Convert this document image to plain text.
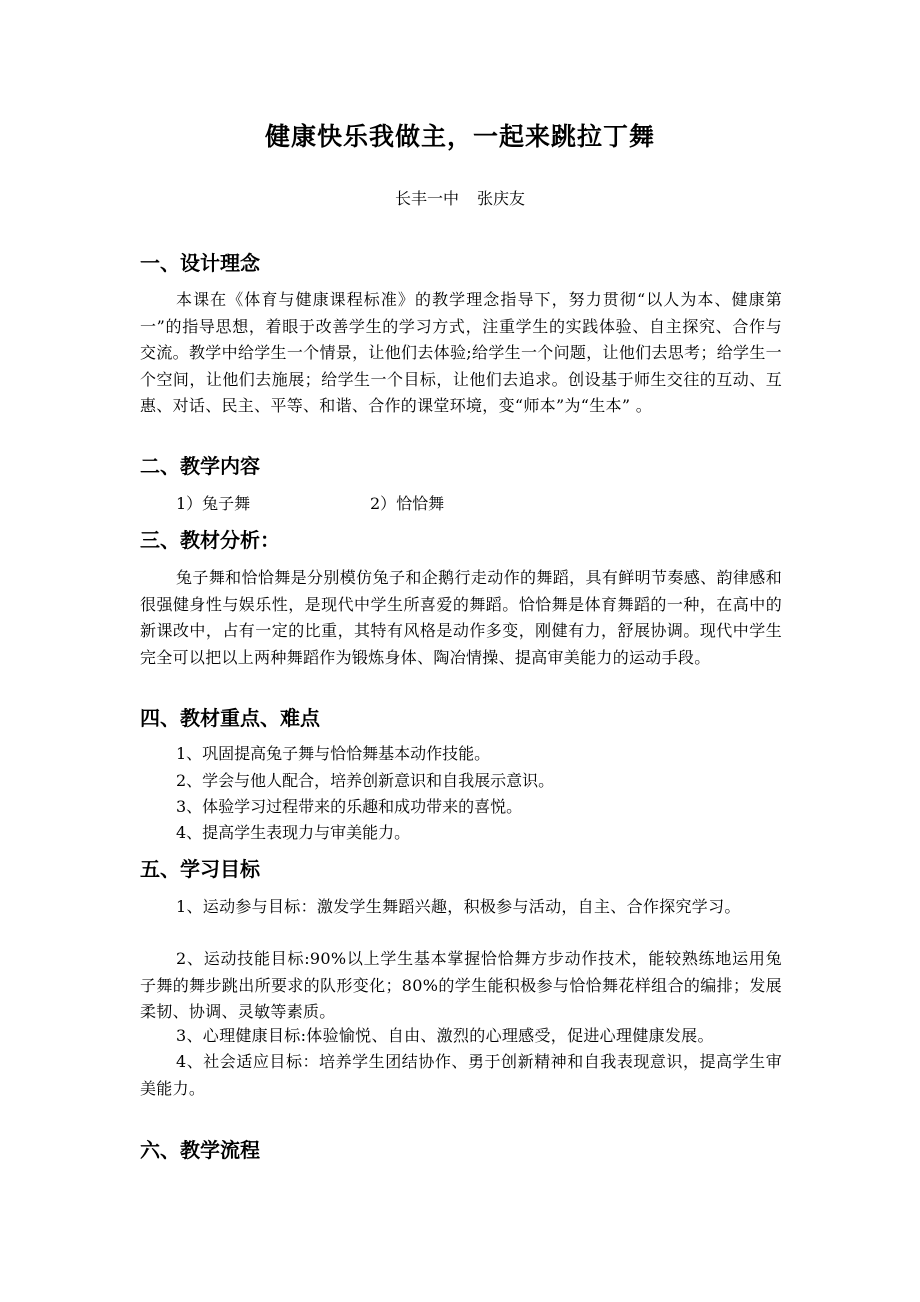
健康快乐我做主，一起来跳拉丁舞
长丰一中 张庆友
一、设计理念
本课在《体育与健康课程标准》的教学理念指导下，努力贯彻“以人为本、健康第一”的指导思想，着眼于改善学生的学习方式，注重学生的实践体验、自主探究、合作与交流。教学中给学生一个情景，让他们去体验;给学生一个问题，让他们去思考；给学生一个空间，让他们去施展；给学生一个目标，让他们去追求。创设基于师生交往的互动、互惠、对话、民主、平等、和谐、合作的课堂环境，变“师本”为“生本” 。
二、教学内容
1）兔子舞	2）恰恰舞
三、教材分析：
兔子舞和恰恰舞是分别模仿兔子和企鹅行走动作的舞蹈，具有鲜明节奏感、韵律感和很强健身性与娱乐性，是现代中学生所喜爱的舞蹈。恰恰舞是体育舞蹈的一种，在高中的新课改中，占有一定的比重，其特有风格是动作多变，刚健有力，舒展协调。现代中学生完全可以把以上两种舞蹈作为锻炼身体、陶冶情操、提高审美能力的运动手段。
四、教材重点、难点
1、巩固提高兔子舞与恰恰舞基本动作技能。
2、学会与他人配合，培养创新意识和自我展示意识。
3、体验学习过程带来的乐趣和成功带来的喜悦。
4、提高学生表现力与审美能力。
五、学习目标
1、运动参与目标：激发学生舞蹈兴趣，积极参与活动，自主、合作探究学习。
2、运动技能目标:90%以上学生基本掌握恰恰舞方步动作技术，能较熟练地运用兔子舞的舞步跳出所要求的队形变化；80%的学生能积极参与恰恰舞花样组合的编排；发展柔韧、协调、灵敏等素质。
3、心理健康目标:体验愉悦、自由、激烈的心理感受，促进心理健康发展。
4、社会适应目标：培养学生团结协作、勇于创新精神和自我表现意识，提高学生审美能力。
六、教学流程
